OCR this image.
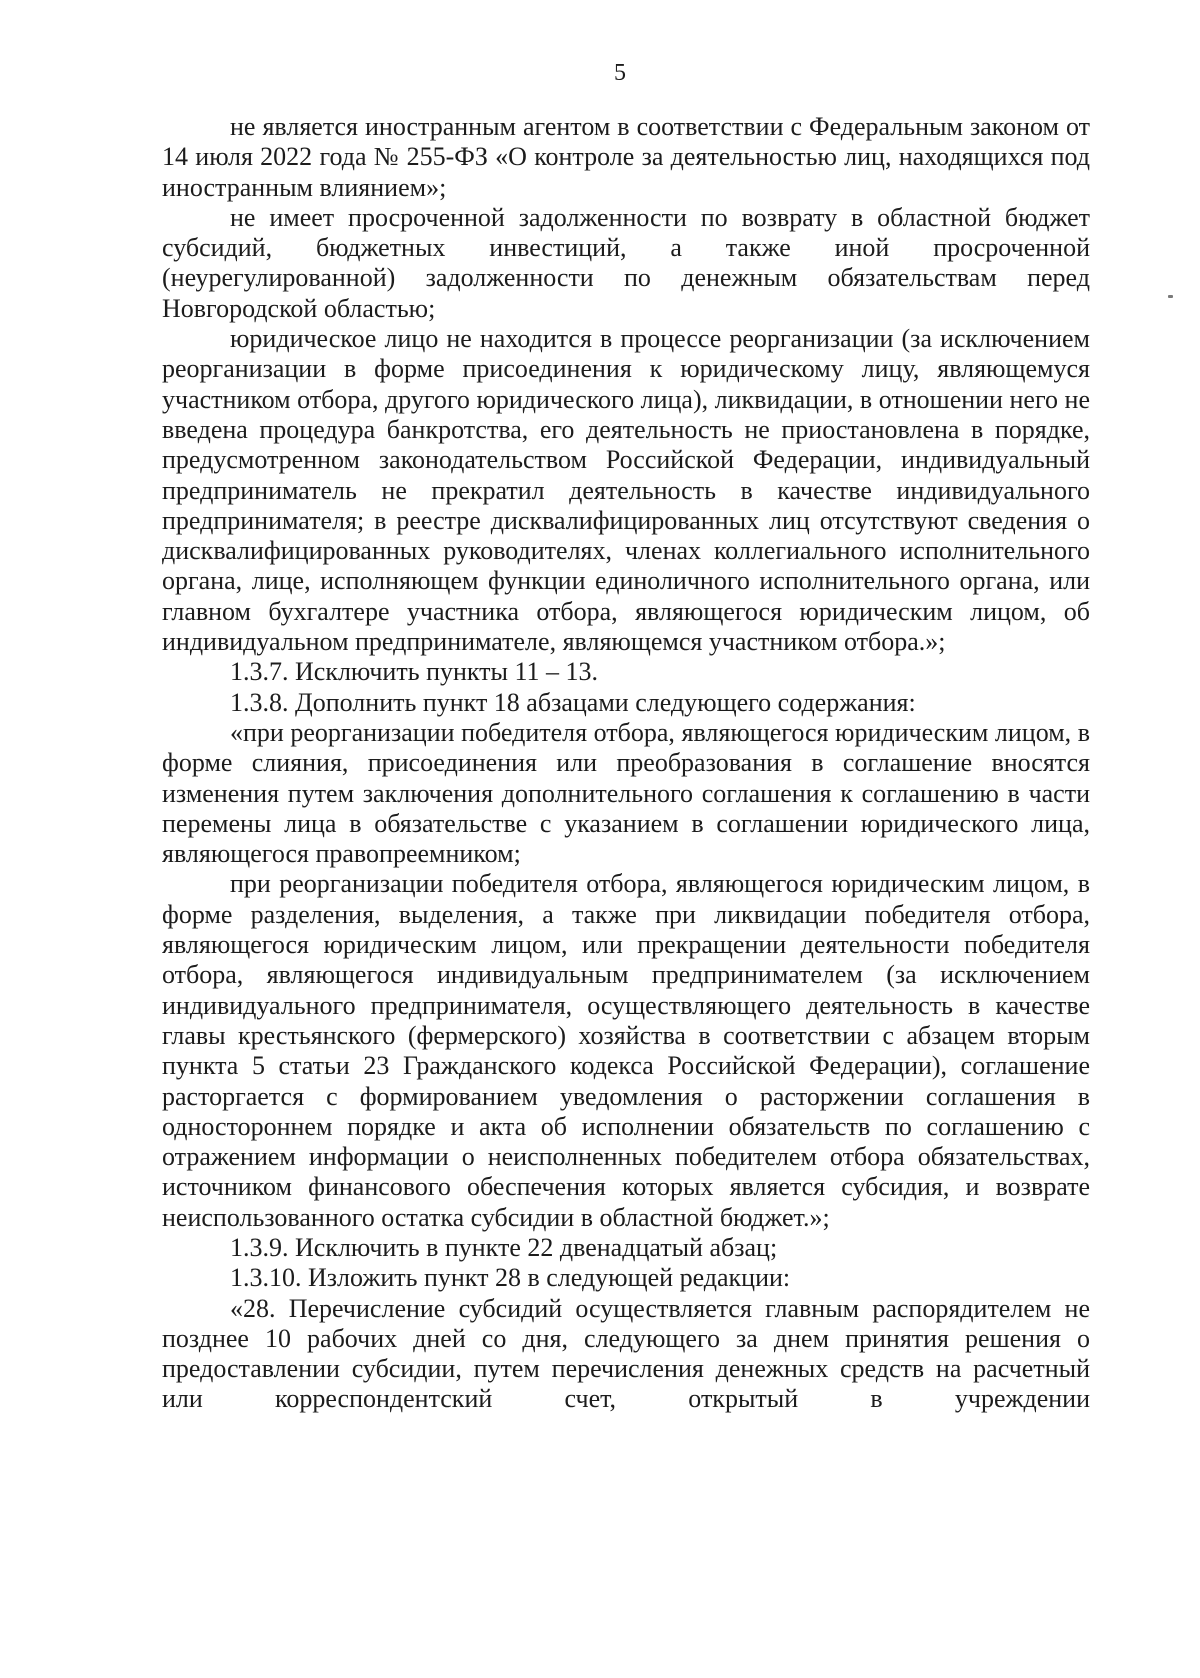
5

не является иностранным агентом в соответствии с Федеральным законом от 14 июля 2022 года № 255-ФЗ «О контроле за деятельностью лиц, находящихся под иностранным влиянием»;

не имеет просроченной задолженности по возврату в областной бюджет субсидий, бюджетных инвестиций, а также иной просроченной (неурегулированной) задолженности по денежным обязательствам перед Новгородской областью;

юридическое лицо не находится в процессе реорганизации (за исключением реорганизации в форме присоединения к юридическому лицу, являющемуся участником отбора, другого юридического лица), ликвидации, в отношении него не введена процедура банкротства, его деятельность не приостановлена в порядке, предусмотренном законодательством Российской Федерации, индивидуальный предприниматель не прекратил деятельность в качестве индивидуального предпринимателя; в реестре дисквалифицированных лиц отсутствуют сведения о дисквалифицированных руководителях, членах коллегиального исполнительного органа, лице, исполняющем функции единоличного исполнительного органа, или главном бухгалтере участника отбора, являющегося юридическим лицом, об индивидуальном предпринимателе, являющемся участником отбора.»;

1.3.7. Исключить пункты 11 – 13.

1.3.8. Дополнить пункт 18 абзацами следующего содержания:

«при реорганизации победителя отбора, являющегося юридическим лицом, в форме слияния, присоединения или преобразования в соглашение вносятся изменения путем заключения дополнительного соглашения к соглашению в части перемены лица в обязательстве с указанием в соглашении юридического лица, являющегося правопреемником;

при реорганизации победителя отбора, являющегося юридическим лицом, в форме разделения, выделения, а также при ликвидации победителя отбора, являющегося юридическим лицом, или прекращении деятельности победителя отбора, являющегося индивидуальным предпринимателем (за исключением индивидуального предпринимателя, осуществляющего деятельность в качестве главы крестьянского (фермерского) хозяйства в соответствии с абзацем вторым пункта 5 статьи 23 Гражданского кодекса Российской Федерации), соглашение расторгается с формированием уведомления о расторжении соглашения в одностороннем порядке и акта об исполнении обязательств по соглашению с отражением информации о неисполненных победителем отбора обязательствах, источником финансового обеспечения которых является субсидия, и возврате неиспользованного остатка субсидии в областной бюджет.»;

1.3.9. Исключить в пункте 22 двенадцатый абзац;

1.3.10. Изложить пункт 28 в следующей редакции:

«28. Перечисление субсидий осуществляется главным распорядителем не позднее 10 рабочих дней со дня, следующего за днем принятия решения о предоставлении субсидии, путем перечисления денежных средств на расчетный или корреспондентский счет, открытый в учреждении
